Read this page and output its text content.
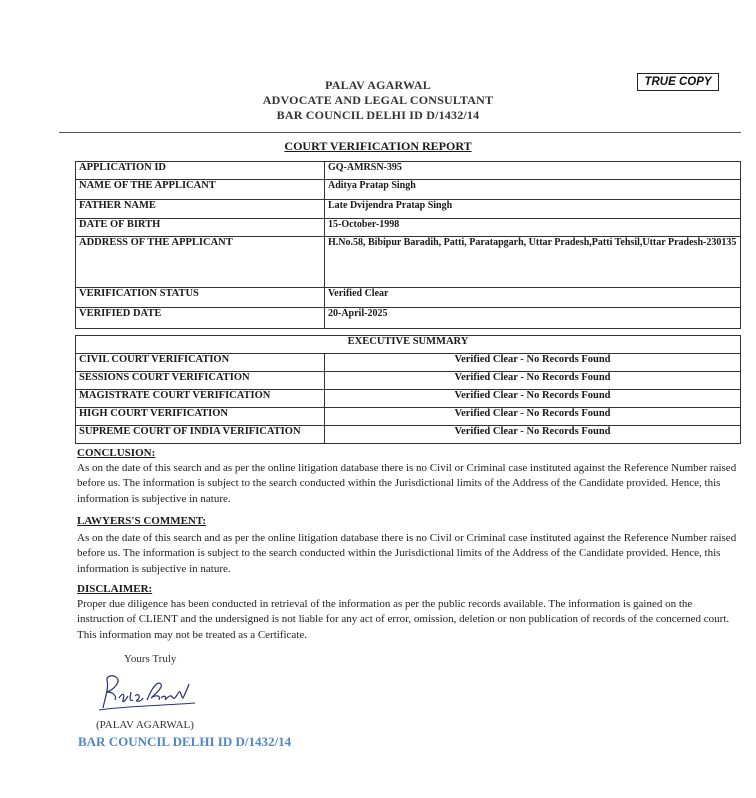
PALAV AGARWAL
ADVOCATE AND LEGAL CONSULTANT
BAR COUNCIL DELHI ID D/1432/14
TRUE COPY
COURT VERIFICATION REPORT
APPLICATION ID	GQ-AMRSN-395
NAME OF THE APPLICANT	Aditya Pratap Singh
FATHER NAME	Late Dvijendra Pratap Singh
DATE OF BIRTH	15-October-1998
ADDRESS OF THE APPLICANT	H.No.58, Bibipur Baradih, Patti, Paratapgarh, Uttar Pradesh,Patti Tehsil,Uttar Pradesh-230135
VERIFICATION STATUS	Verified Clear
VERIFIED DATE	20-April-2025
EXECUTIVE SUMMARY	
CIVIL COURT VERIFICATION	Verified Clear - No Records Found
SESSIONS COURT VERIFICATION	Verified Clear - No Records Found
MAGISTRATE COURT VERIFICATION	Verified Clear - No Records Found
HIGH COURT VERIFICATION	Verified Clear - No Records Found
SUPREME COURT OF INDIA VERIFICATION	Verified Clear - No Records Found
CONCLUSION:
As on the date of this search and as per the online litigation database there is no Civil or Criminal case instituted against the Reference Number raised before us. The information is subject to the search conducted within the Jurisdictional limits of the Address of the Candidate provided. Hence, this information is subjective in nature.
LAWYERS'S COMMENT:
As on the date of this search and as per the online litigation database there is no Civil or Criminal case instituted against the Reference Number raised before us. The information is subject to the search conducted within the Jurisdictional limits of the Address of the Candidate provided. Hence, this information is subjective in nature.
DISCLAIMER:
Proper due diligence has been conducted in retrieval of the information as per the public records available. The information is gained on the instruction of CLIENT and the undersigned is not liable for any act of error, omission, deletion or non publication of records of the concerned court. This information may not be treated as a Certificate.
Yours Truly
(PALAV AGARWAL)
BAR COUNCIL DELHI ID D/1432/14
